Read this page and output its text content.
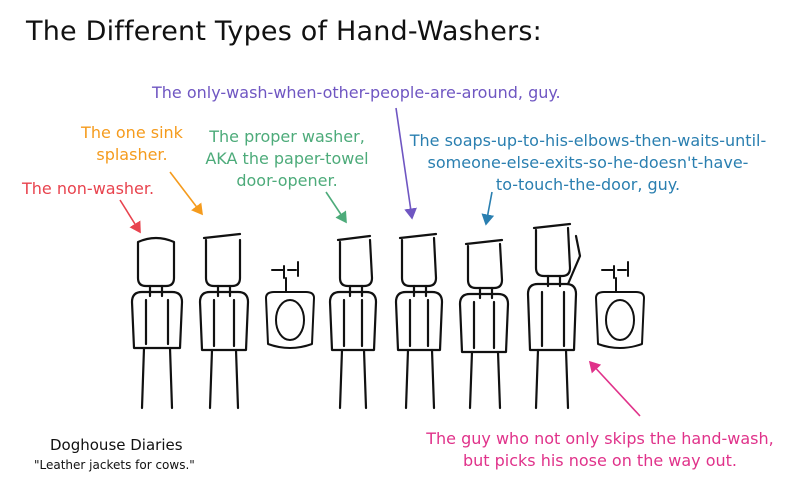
The Different Types of Hand-Washers:
The non-washer.
The one sink
splasher.
The proper washer,
AKA the paper-towel
door-opener.
The only-wash-when-other-people-are-around, guy.
The soaps-up-to-his-elbows-then-waits-until-
someone-else-exits-so-he-doesn't-have-
to-touch-the-door, guy.
The guy who not only skips the hand-wash,
but picks his nose on the way out.
Doghouse Diaries
"Leather jackets for cows."
